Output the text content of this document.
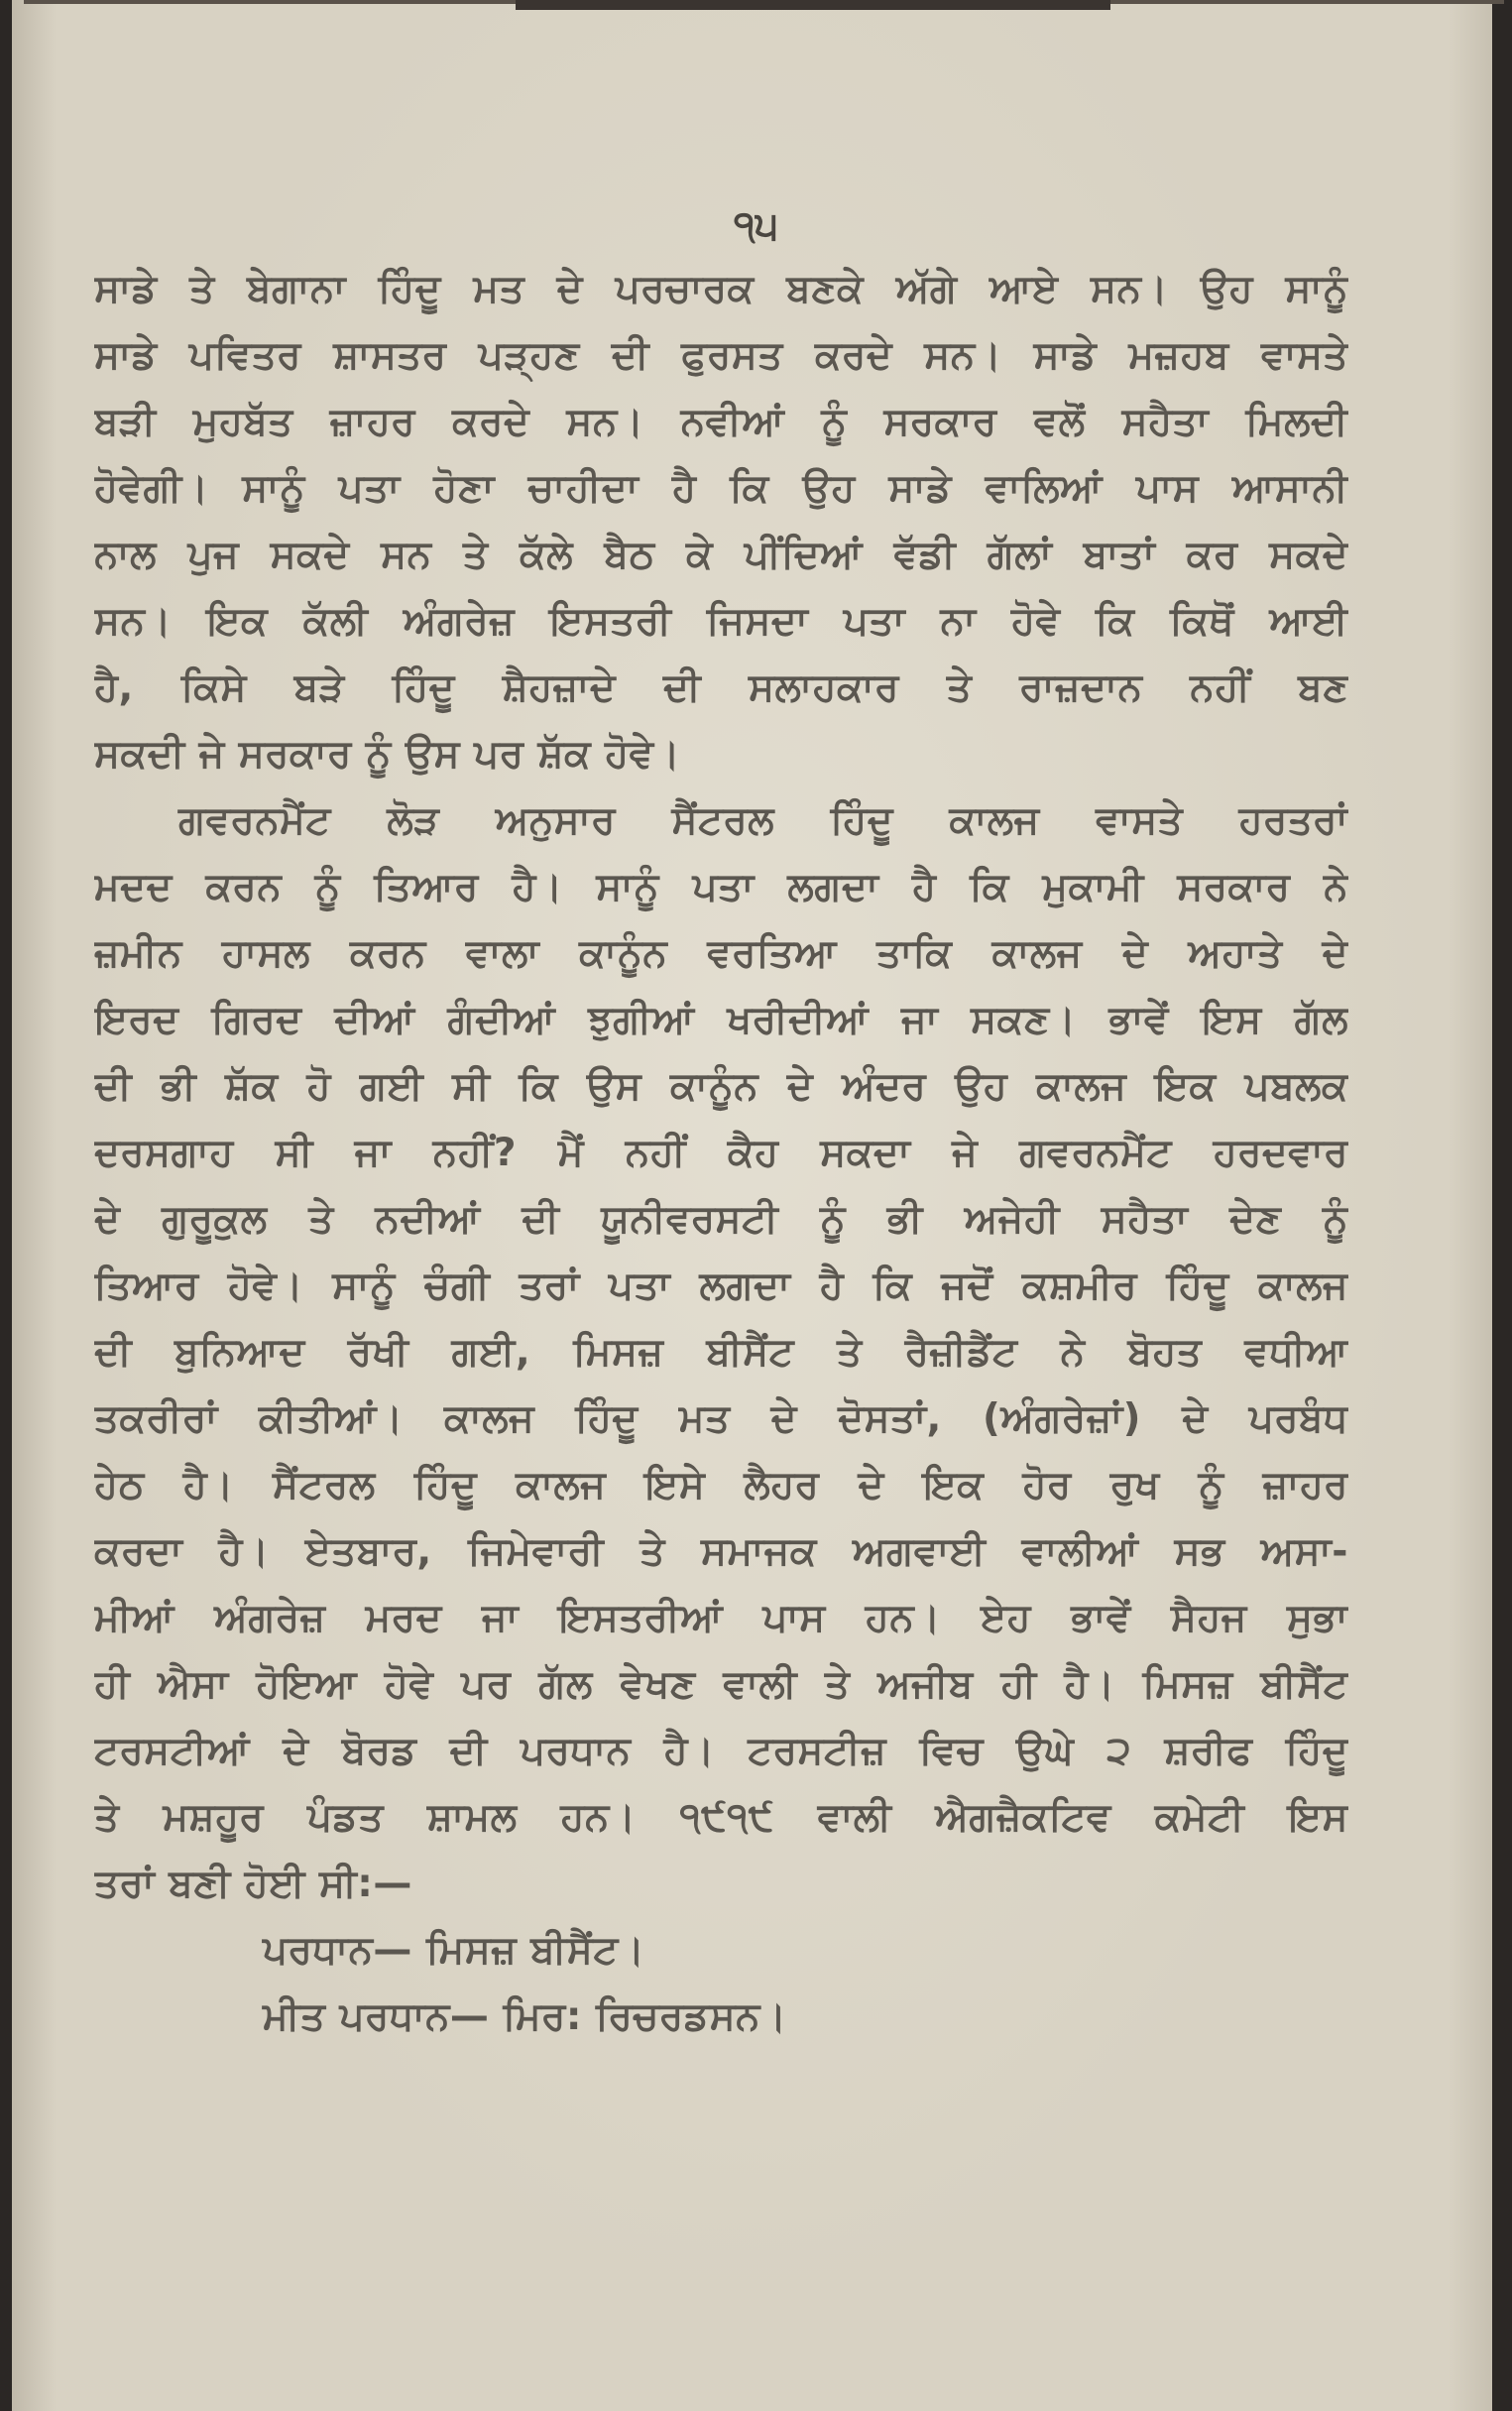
੧੫
ਸਾਡੇ ਤੇ ਬੇਗਾਨਾ ਹਿੰਦੂ ਮਤ ਦੇ ਪਰਚਾਰਕ ਬਣਕੇ ਅੱਗੇ ਆਏ ਸਨ। ਉਹ ਸਾਨੂੰ
ਸਾਡੇ ਪਵਿਤਰ ਸ਼ਾਸਤਰ ਪੜ੍ਹਣ ਦੀ ਫੁਰਸਤ ਕਰਦੇ ਸਨ। ਸਾਡੇ ਮਜ਼ਹਬ ਵਾਸਤੇ
ਬੜੀ ਮੁਹਬੱਤ ਜ਼ਾਹਰ ਕਰਦੇ ਸਨ। ਨਵੀਆਂ ਨੂੰ ਸਰਕਾਰ ਵਲੋਂ ਸਹੈਤਾ ਮਿਲਦੀ
ਹੋਵੇਗੀ। ਸਾਨੂੰ ਪਤਾ ਹੋਣਾ ਚਾਹੀਦਾ ਹੈ ਕਿ ਉਹ ਸਾਡੇ ਵਾਲਿਆਂ ਪਾਸ ਆਸਾਨੀ
ਨਾਲ ਪੁਜ ਸਕਦੇ ਸਨ ਤੇ ਕੱਲੇ ਬੈਠ ਕੇ ਪੀਂਦਿਆਂ ਵੱਡੀ ਗੱਲਾਂ ਬਾਤਾਂ ਕਰ ਸਕਦੇ
ਸਨ। ਇਕ ਕੱਲੀ ਅੰਗਰੇਜ਼ ਇਸਤਰੀ ਜਿਸਦਾ ਪਤਾ ਨਾ ਹੋਵੇ ਕਿ ਕਿਥੋਂ ਆਈ
ਹੈ, ਕਿਸੇ ਬੜੇ ਹਿੰਦੂ ਸ਼ੈਹਜ਼ਾਦੇ ਦੀ ਸਲਾਹਕਾਰ ਤੇ ਰਾਜ਼ਦਾਨ ਨਹੀਂ ਬਣ
ਸਕਦੀ ਜੇ ਸਰਕਾਰ ਨੂੰ ਉਸ ਪਰ ਸ਼ੱਕ ਹੋਵੇ।
ਗਵਰਨਮੈਂਟ ਲੋੜ ਅਨੁਸਾਰ ਸੈਂਟਰਲ ਹਿੰਦੂ ਕਾਲਜ ਵਾਸਤੇ ਹਰਤਰਾਂ
ਮਦਦ ਕਰਨ ਨੂੰ ਤਿਆਰ ਹੈ। ਸਾਨੂੰ ਪਤਾ ਲਗਦਾ ਹੈ ਕਿ ਮੁਕਾਮੀ ਸਰਕਾਰ ਨੇ
ਜ਼ਮੀਨ ਹਾਸਲ ਕਰਨ ਵਾਲਾ ਕਾਨੂੰਨ ਵਰਤਿਆ ਤਾਕਿ ਕਾਲਜ ਦੇ ਅਹਾਤੇ ਦੇ
ਇਰਦ ਗਿਰਦ ਦੀਆਂ ਗੰਦੀਆਂ ਝੁਗੀਆਂ ਖਰੀਦੀਆਂ ਜਾ ਸਕਣ। ਭਾਵੇਂ ਇਸ ਗੱਲ
ਦੀ ਭੀ ਸ਼ੱਕ ਹੋ ਗਈ ਸੀ ਕਿ ਉਸ ਕਾਨੂੰਨ ਦੇ ਅੰਦਰ ਉਹ ਕਾਲਜ ਇਕ ਪਬਲਕ
ਦਰਸਗਾਹ ਸੀ ਜਾ ਨਹੀਂ? ਮੈਂ ਨਹੀਂ ਕੈਹ ਸਕਦਾ ਜੇ ਗਵਰਨਮੈਂਟ ਹਰਦਵਾਰ
ਦੇ ਗੁਰੂਕੁਲ ਤੇ ਨਦੀਆਂ ਦੀ ਯੂਨੀਵਰਸਟੀ ਨੂੰ ਭੀ ਅਜੇਹੀ ਸਹੈਤਾ ਦੇਣ ਨੂੰ
ਤਿਆਰ ਹੋਵੇ। ਸਾਨੂੰ ਚੰਗੀ ਤਰਾਂ ਪਤਾ ਲਗਦਾ ਹੈ ਕਿ ਜਦੋਂ ਕਸ਼ਮੀਰ ਹਿੰਦੂ ਕਾਲਜ
ਦੀ ਬੁਨਿਆਦ ਰੱਖੀ ਗਈ, ਮਿਸਜ਼ ਬੀਸੈਂਟ ਤੇ ਰੈਜ਼ੀਡੈਂਟ ਨੇ ਬੋਹਤ ਵਧੀਆ
ਤਕਰੀਰਾਂ ਕੀਤੀਆਂ। ਕਾਲਜ ਹਿੰਦੂ ਮਤ ਦੇ ਦੋਸਤਾਂ, (ਅੰਗਰੇਜ਼ਾਂ) ਦੇ ਪਰਬੰਧ
ਹੇਠ ਹੈ। ਸੈਂਟਰਲ ਹਿੰਦੂ ਕਾਲਜ ਇਸੇ ਲੈਹਰ ਦੇ ਇਕ ਹੋਰ ਰੁਖ ਨੂੰ ਜ਼ਾਹਰ
ਕਰਦਾ ਹੈ। ਏਤਬਾਰ, ਜਿਮੇਵਾਰੀ ਤੇ ਸਮਾਜਕ ਅਗਵਾਈ ਵਾਲੀਆਂ ਸਭ ਅਸਾ-
ਮੀਆਂ ਅੰਗਰੇਜ਼ ਮਰਦ ਜਾ ਇਸਤਰੀਆਂ ਪਾਸ ਹਨ। ਏਹ ਭਾਵੇਂ ਸੈਹਜ ਸੁਭਾ
ਹੀ ਐਸਾ ਹੋਇਆ ਹੋਵੇ ਪਰ ਗੱਲ ਵੇਖਣ ਵਾਲੀ ਤੇ ਅਜੀਬ ਹੀ ਹੈ। ਮਿਸਜ਼ ਬੀਸੈਂਟ
ਟਰਸਟੀਆਂ ਦੇ ਬੋਰਡ ਦੀ ਪਰਧਾਨ ਹੈ। ਟਰਸਟੀਜ਼ ਵਿਚ ਉਘੇ ੨ ਸ਼ਰੀਫ ਹਿੰਦੂ
ਤੇ ਮਸ਼ਹੂਰ ਪੰਡਤ ਸ਼ਾਮਲ ਹਨ। ੧੯੧੯ ਵਾਲੀ ਐਗਜ਼ੈਕਟਿਵ ਕਮੇਟੀ ਇਸ
ਤਰਾਂ ਬਣੀ ਹੋਈ ਸੀ:—
ਪਰਧਾਨ— ਮਿਸਜ਼ ਬੀਸੈਂਟ।
ਮੀਤ ਪਰਧਾਨ— ਮਿਰ: ਰਿਚਰਡਸਨ।
